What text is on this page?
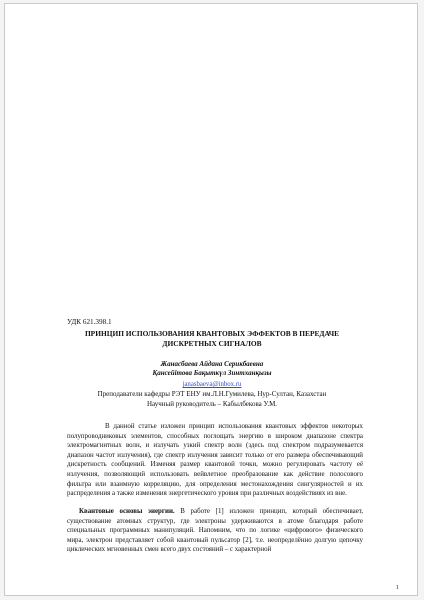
УДК 621.398.1
ПРИНЦИП ИСПОЛЬЗОВАНИЯ КВАНТОВЫХ ЭФФЕКТОВ В ПЕРЕДАЧЕ
ДИСКРЕТНЫХ СИГНАЛОВ
Жанасбаева Айдана Серикбаевна
Қансейітова Бақыткүл Зинтханқызы
janasbaeva@inbox.ru
Преподаватели кафедры РЭТ ЕНУ им.Л.Н.Гумилева, Нур-Султан, Казахстан
Научный руководитель – Кабылбекова У.М.

В данной статье изложен принцип использования квантовых эффектов некоторых полупроводниковых элементов, способных поглощать энергию в широком диапазоне спектра электромагнитных волн, и излучать узкий спектр волн (здесь под спектром подразумевается диапазон частот излучения), где спектр излучения зависит только от его размера обеспечивающий дискретность сообщений. Изменяя размер квантовой точки, можно регулировать частоту её излучения, позволяющий использовать вейвлетное преобразование как действие полосового фильтра или взаимную корреляцию, для определения местонахождения сингулярностей и их распределения а также изменения энергетического уровня при различных воздействиях из вне.

Квантовые основы энергии. В работе [1] изложен принцип, который обеспечивает, существование атомных структур, где электроны удерживаются в атоме благодаря работе специальных программных манипуляций. Напомним, что по логике «цифрового» физического мира, электрон представляет собой квантовый пульсатор [2], т.е. неопределённо долгую цепочку циклических мгновенных смен всего двух состояний – с характерной

1
